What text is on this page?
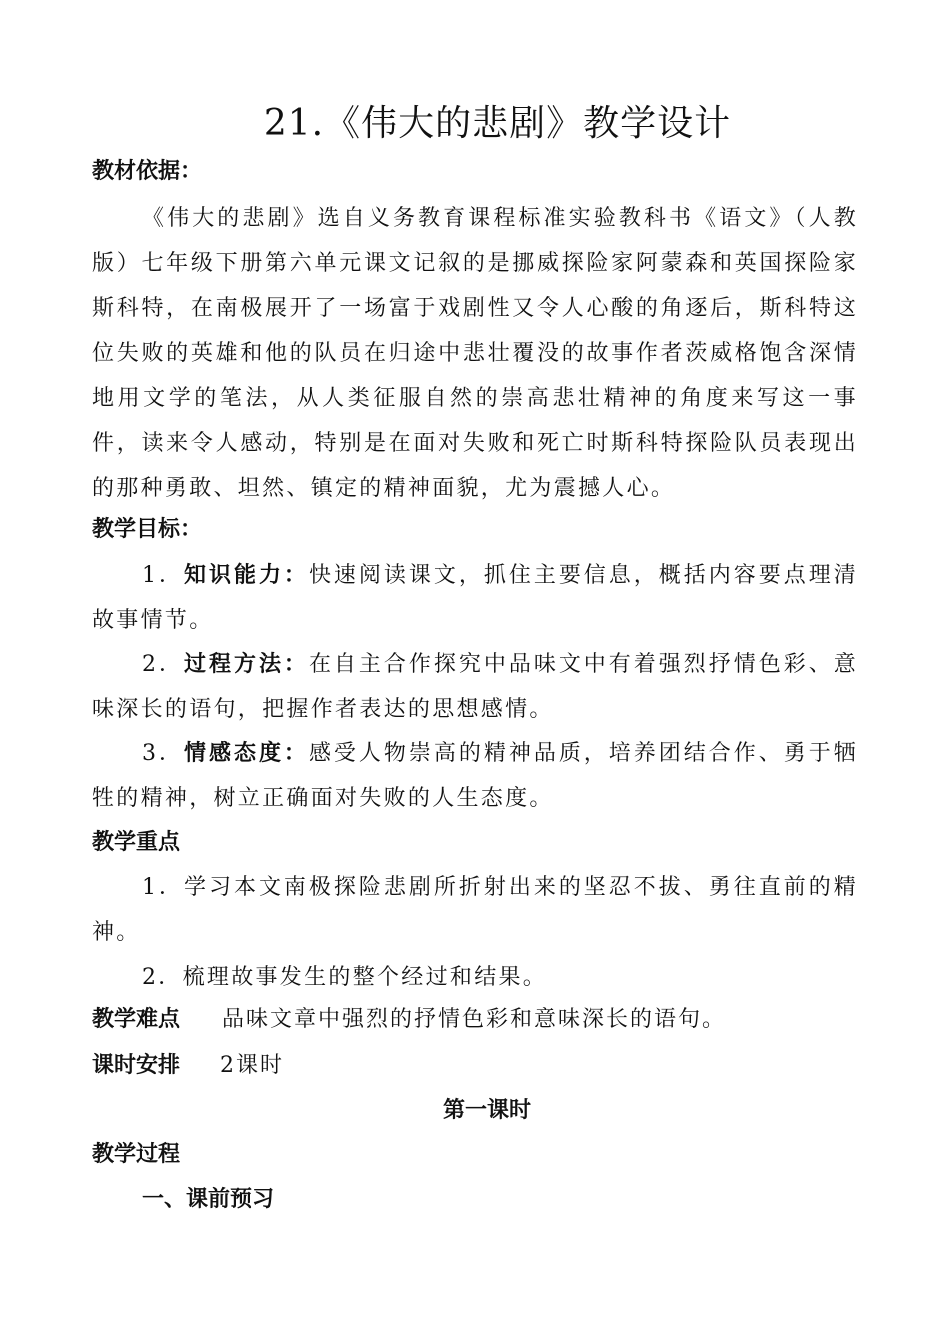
21.《伟大的悲剧》教学设计
教材依据：

《伟大的悲剧》选自义务教育课程标准实验教科书《语文》（人教版）七年级下册第六单元课文记叙的是挪威探险家阿蒙森和英国探险家斯科特，在南极展开了一场富于戏剧性又令人心酸的角逐后，斯科特这位失败的英雄和他的队员在归途中悲壮覆没的故事作者茨威格饱含深情地用文学的笔法，从人类征服自然的崇高悲壮精神的角度来写这一事件，读来令人感动，特别是在面对失败和死亡时斯科特探险队员表现出的那种勇敢、坦然、镇定的精神面貌，尤为震撼人心。

教学目标：

1．知识能力：快速阅读课文，抓住主要信息，概括内容要点理清故事情节。

2．过程方法：在自主合作探究中品味文中有着强烈抒情色彩、意味深长的语句，把握作者表达的思想感情。

3．情感态度：感受人物崇高的精神品质，培养团结合作、勇于牺牲的精神，树立正确面对失败的人生态度。

教学重点

1．学习本文南极探险悲剧所折射出来的坚忍不拔、勇往直前的精神。

2．梳理故事发生的整个经过和结果。

教学难点 品味文章中强烈的抒情色彩和意味深长的语句。
课时安排 2课时
第一课时
教学过程
一、课前预习
